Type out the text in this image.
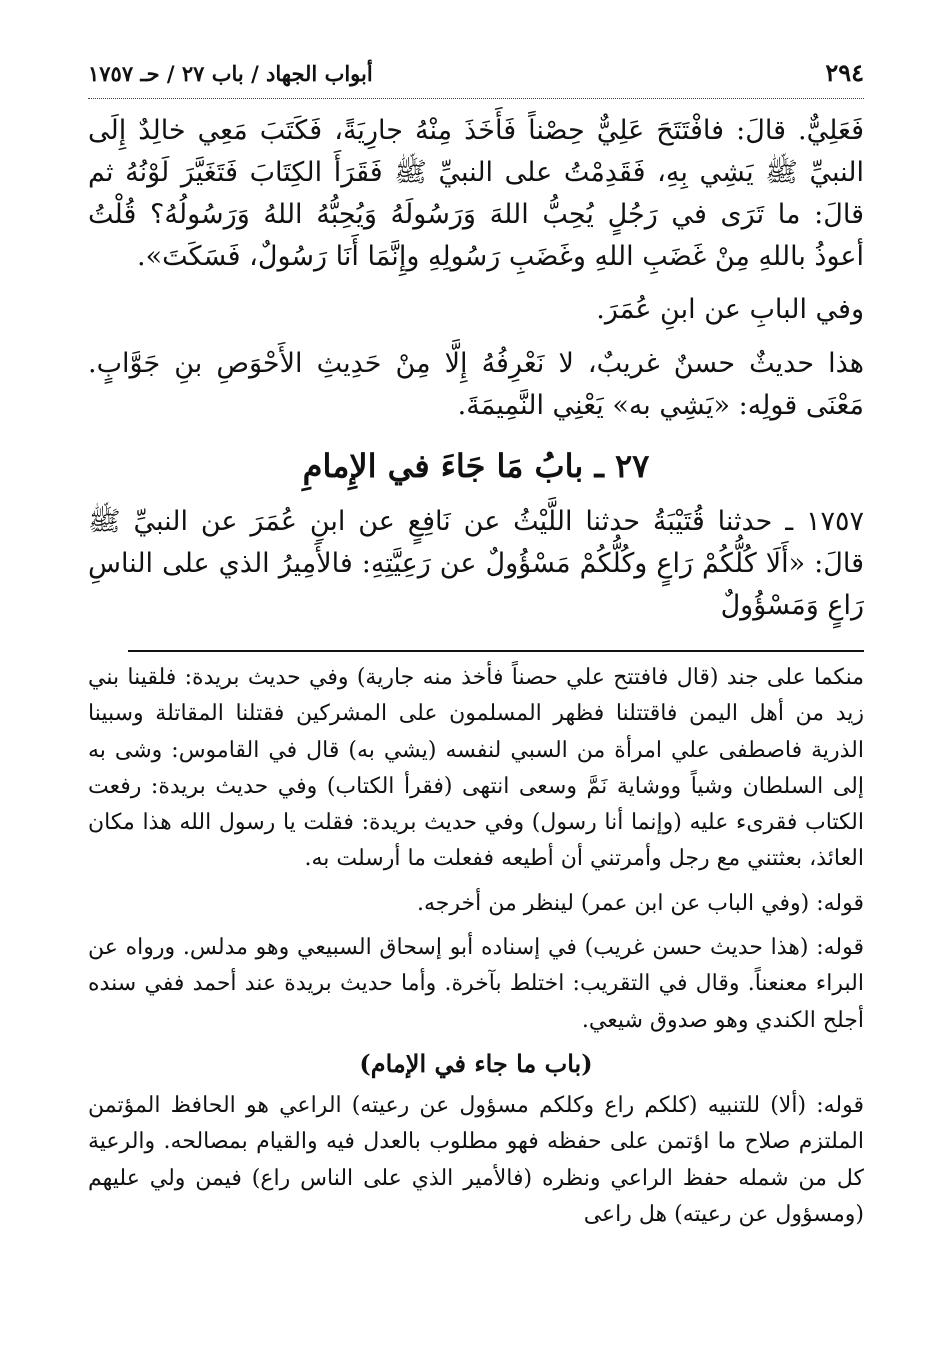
٢٩٤
أبواب الجهاد / باب ٢٧ / حـ ١٧٥٧

فَعَلِيٌّ. قالَ: فافْتَتَحَ عَلِيٌّ حِصْناً فَأَخَذَ مِنْهُ جارِيَةً، فَكَتَبَ مَعِي خالِدٌ إِلَى النبيِّ ﷺ يَشِي بِهِ، فَقَدِمْتُ على النبيِّ ﷺ فَقَرَأَ الكِتَابَ فَتَغَيَّرَ لَوْنُهُ ثم قالَ: ما تَرَى في رَجُلٍ يُحِبُّ اللهَ وَرَسُولَهُ وَيُحِبُّهُ اللهُ وَرَسُولُهُ؟ قُلْتُ أعوذُ باللهِ مِنْ غَضَبِ اللهِ وغَضَبِ رَسُولِهِ وإِنَّمَا أَنَا رَسُولٌ، فَسَكَتَ».

وفي البابِ عن ابنِ عُمَرَ.

هذا حديثٌ حسنٌ غريبٌ، لا نَعْرِفُهُ إِلَّا مِنْ حَدِيثِ الأَحْوَصِ بنِ جَوَّابٍ. مَعْنَى قولِه: «يَشِي به» يَعْنِي النَّمِيمَةَ.

٢٧ ـ بابُ مَا جَاءَ في الإِمامِ

١٧٥٧ ـ حدثنا قُتَيْبَةُ حدثنا اللَّيْثُ عن نَافِعٍ عن ابنِ عُمَرَ عن النبيِّ ﷺ قالَ: «أَلَا كُلُّكُمْ رَاعٍ وكُلُّكُمْ مَسْؤُولٌ عن رَعِيَّتِهِ: فالأَمِيرُ الذي على الناسِ رَاعٍ وَمَسْؤُولٌ

منكما على جند (قال فافتتح علي حصناً فأخذ منه جارية) وفي حديث بريدة: فلقينا بني زيد من أهل اليمن فاقتتلنا فظهر المسلمون على المشركين فقتلنا المقاتلة وسبينا الذرية فاصطفى علي امرأة من السبي لنفسه (يشي به) قال في القاموس: وشى به إلى السلطان وشياً ووشاية نَمَّ وسعى انتهى (فقرأ الكتاب) وفي حديث بريدة: رفعت الكتاب فقرىء عليه (وإنما أنا رسول) وفي حديث بريدة: فقلت يا رسول الله هذا مكان العائذ، بعثتني مع رجل وأمرتني أن أطيعه ففعلت ما أرسلت به.

قوله: (وفي الباب عن ابن عمر) لينظر من أخرجه.

قوله: (هذا حديث حسن غريب) في إسناده أبو إسحاق السبيعي وهو مدلس. ورواه عن البراء معنعناً. وقال في التقريب: اختلط بآخرة. وأما حديث بريدة عند أحمد ففي سنده أجلح الكندي وهو صدوق شيعي.

(باب ما جاء في الإمام)

قوله: (ألا) للتنبيه (كلكم راع وكلكم مسؤول عن رعيته) الراعي هو الحافظ المؤتمن الملتزم صلاح ما اؤتمن على حفظه فهو مطلوب بالعدل فيه والقيام بمصالحه. والرعية كل من شمله حفظ الراعي ونظره (فالأمير الذي على الناس راع) فيمن ولي عليهم (ومسؤول عن رعيته) هل راعى
